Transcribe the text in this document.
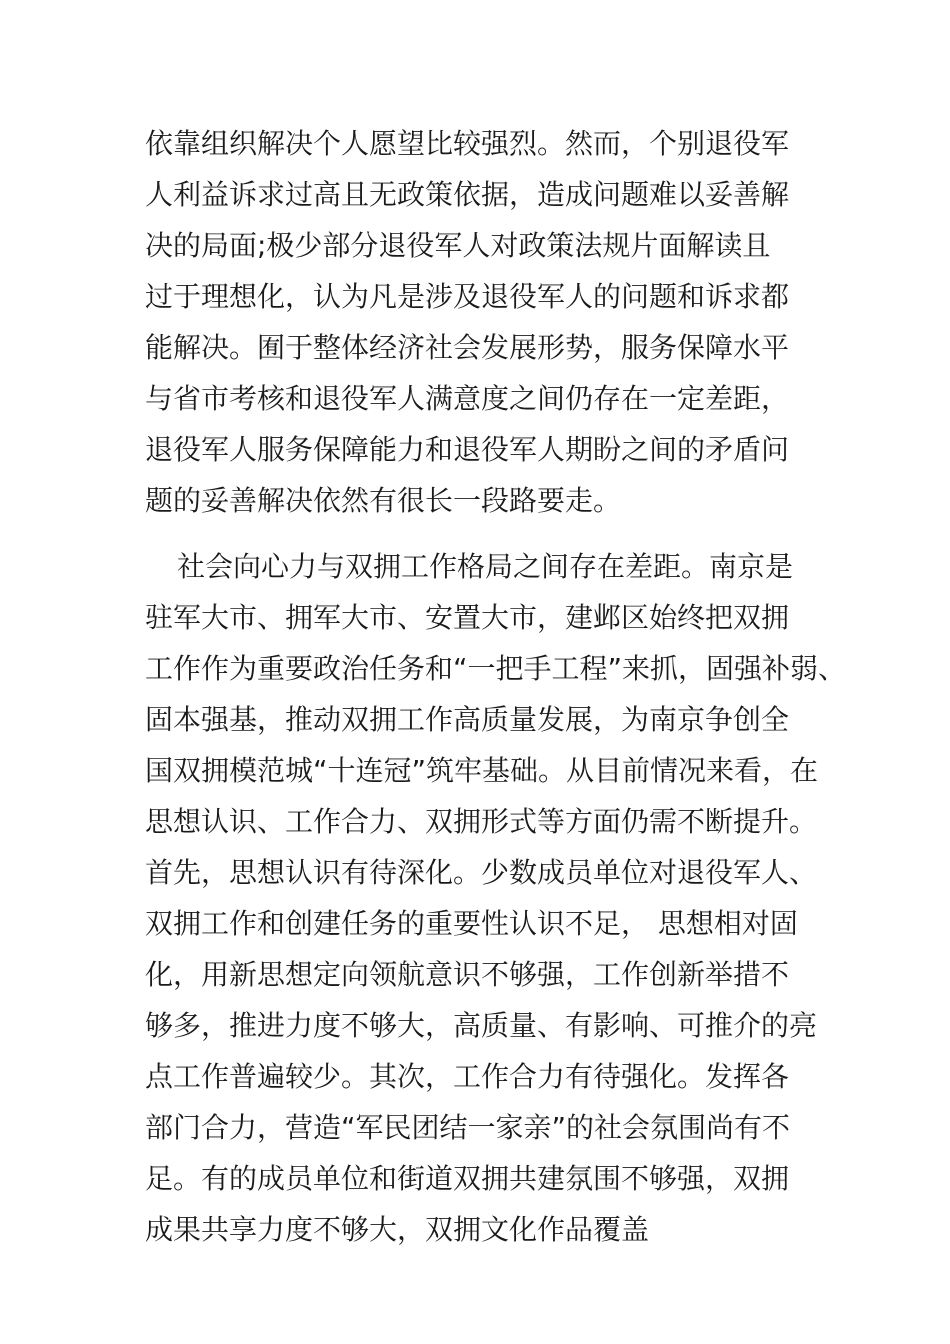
依靠组织解决个人愿望比较强烈。然而，个别退役军
人利益诉求过高且无政策依据，造成问题难以妥善解
决的局面;极少部分退役军人对政策法规片面解读且
过于理想化，认为凡是涉及退役军人的问题和诉求都
能解决。囿于整体经济社会发展形势，服务保障水平
与省市考核和退役军人满意度之间仍存在一定差距，
退役军人服务保障能力和退役军人期盼之间的矛盾问
题的妥善解决依然有很长一段路要走。
社会向心力与双拥工作格局之间存在差距。南京是
驻军大市、拥军大市、安置大市，建邺区始终把双拥
工作作为重要政治任务和“一把手工程”来抓，固强补弱、
固本强基，推动双拥工作高质量发展，为南京争创全
国双拥模范城“十连冠”筑牢基础。从目前情况来看，在
思想认识、工作合力、双拥形式等方面仍需不断提升。
首先，思想认识有待深化。少数成员单位对退役军人、
双拥工作和创建任务的重要性认识不足， 思想相对固
化，用新思想定向领航意识不够强，工作创新举措不
够多，推进力度不够大，高质量、有影响、可推介的亮
点工作普遍较少。其次，工作合力有待强化。发挥各
部门合力，营造“军民团结一家亲”的社会氛围尚有不
足。有的成员单位和街道双拥共建氛围不够强，双拥
成果共享力度不够大，双拥文化作品覆盖
